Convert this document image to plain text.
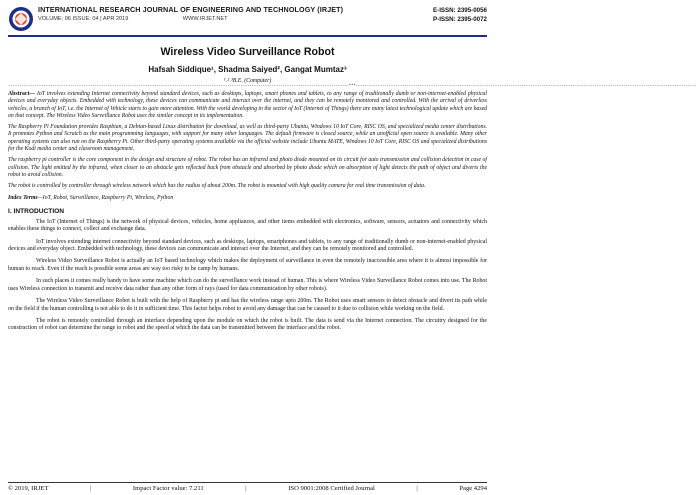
INTERNATIONAL RESEARCH JOURNAL OF ENGINEERING AND TECHNOLOGY (IRJET)
VOLUME: 06 ISSUE: 04 | APR 2019	WWW.IRJET.NET
E-ISSN: 2395-0056
P-ISSN: 2395-0072
Wireless Video Surveillance Robot
Hafsah Siddique¹, Shadma Saiyed², Gangat Mumtaz³
¹˒²˒³B.E. (Computer)
----------------------------------------------------------------------------------------------------------------------------------------------------------***----------------------------------------------------------------------------------------------------------------------------------------------------------

Abstract— IoT involves extending Internet connectivity beyond standard devices, such as desktops, laptops, smart phones and tablets, to any range of traditionally dumb or non-internet-enabled physical devices and everyday objects. Embedded with technology, these devices can communicate and interact over the internet, and they can be remotely monitored and controlled. With the arrival of driverless vehicles, a branch of IoT, i.e. the Internet of Vehicle starts to gain more attention. With the world developing in the sector of IoT (Internet of Things) there are many latest technological update which are based on that concept. The Wireless Video Surveillance Robot uses the similar concept in its implementation.

The Raspberry Pi Foundation provides Raspbian, a Debian-based Linux distribution for download, as well as third-party Ubuntu, Windows 10 IoT Core, RISC OS, and specialized media center distributions. It promotes Python and Scratch as the main programming languages, with support for many other languages. The default firmware is closed source, while an unofficial open source is available. Many other operating systems can also run on the Raspberry Pi. Other third-party operating systems available via the official website include Ubuntu MATE, Windows 10 IoT Core, RISC OS and specialized distributions for the Kodi media center and classroom management.

The raspberry pi controller is the core component in the design and structure of robot. The robot has an infrared and photo diode mounted on its circuit for auto transmission and collision detection in case of collision. The light emitted by the infrared, when closer to an obstacle gets reflected back from obstacle and absorbed by photo diode which on absorption of light detects the path of object and diverts the robot to avoid collision.

The robot is controlled by controller through wireless network which has the radius of about 200m. The robot is mounted with high quality camera for real time transmission of data.

Index Terms—IoT, Robot, Surveillance, Raspberry Pi, Wireless, Python
I. INTRODUCTION

The IoT (Internet of Things) is the network of physical devices, vehicles, home appliances, and other items embedded with electronics, software, sensors, actuators and connectivity which enables these things to connect, collect and exchange data.

IoT involves extending internet connectivity beyond standard devices, such as desktops, laptops, smartphones and tablets, to any range of traditionally dumb or non-internet-enabled physical devices and everyday object. Embedded with technology, these devices can communicate and interact over the Internet, and they can be remotely monitored and controlled.

Wireless Video Surveillance Robot is actually an IoT based technology which makes the deployment of surveillance in even the remotely inaccessible area where it is almost impossible for human to reach. Even if the reach is possible some areas are way too risky to be camp by humans.

In such places it comes really handy to have some machine which can do the surveillance work instead of human. This is where Wireless Video Surveillance Robot comes into use. The Robot uses Wireless connection to transmit and receive data rather than any other form of rays (used for data communication by other robots).

The Wireless Video Surveillance Robot is built with the help of Raspberry pi and has the wireless range upto 200m. The Robot uses smart sensors to detect obstacle and divert its path while on the field if the human controlling is not able to do it in sufficient time. This factor helps robot to avoid any damage that can be caused to it due to collision while working on the field.

The robot is remotely controlled through an interface depending upon the module on which the robot is built. The data is send via the Internet connection. The circuitry designed for the construction of robot can determine the range to robot and the speed at which the data can be transmitted between the interface and the robot.

© 2019, IRJET	|	Impact Factor value: 7.211	|	ISO 9001:2008 Certified Journal	|	Page 4294
